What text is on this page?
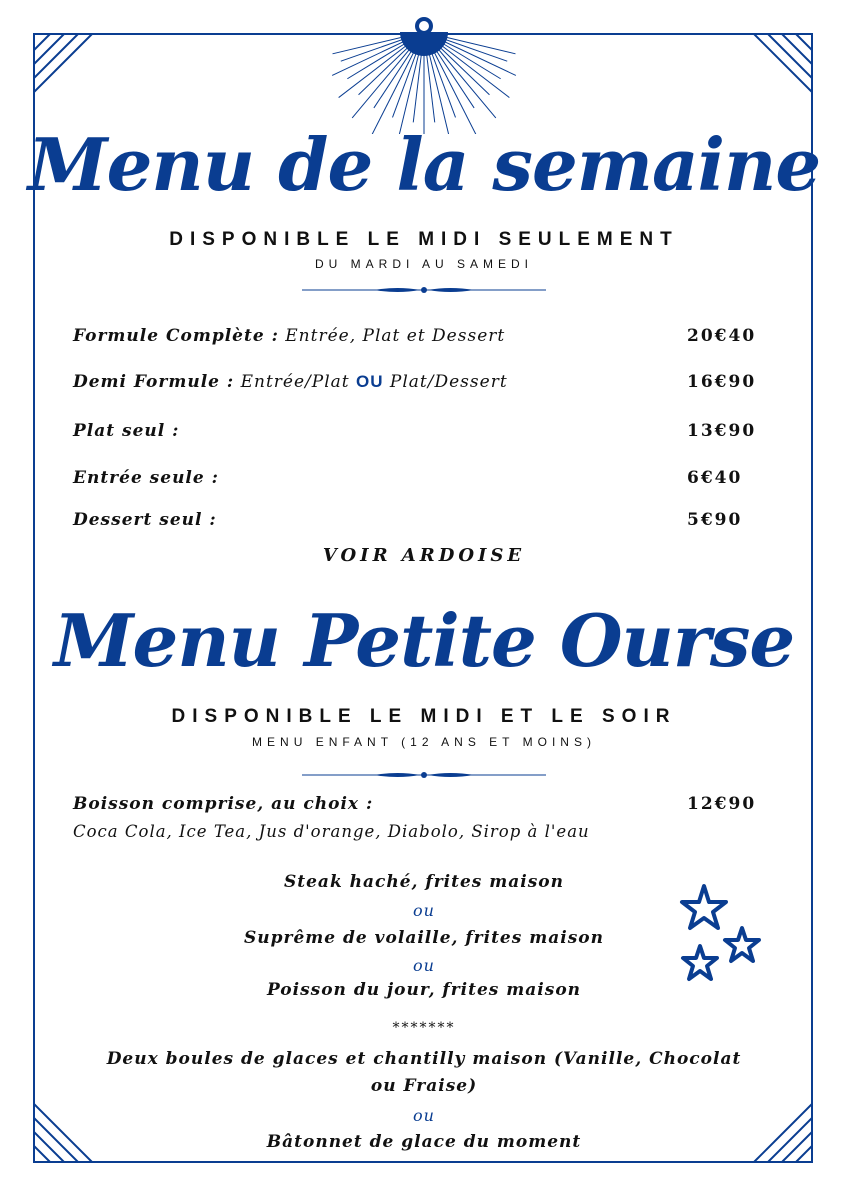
Menu de la semaine
DISPONIBLE LE MIDI SEULEMENT
DU MARDI AU SAMEDI
Formule Complète : Entrée, Plat et Dessert	20€40
Demi Formule : Entrée/Plat OU Plat/Dessert	16€90
Plat seul :	13€90
Entrée seule :	6€40
Dessert seul :	5€90
VOIR ARDOISE
Menu Petite Ourse
DISPONIBLE LE MIDI ET LE SOIR
MENU ENFANT (12 ANS ET MOINS)
Boisson comprise, au choix :	12€90
Coca Cola, Ice Tea, Jus d'orange, Diabolo, Sirop à l'eau
Steak haché, frites maison
ou
Suprême de volaille, frites maison
ou
Poisson du jour, frites maison
*******
Deux boules de glaces et chantilly maison (Vanille, Chocolat
ou Fraise)
ou
Bâtonnet de glace du moment
